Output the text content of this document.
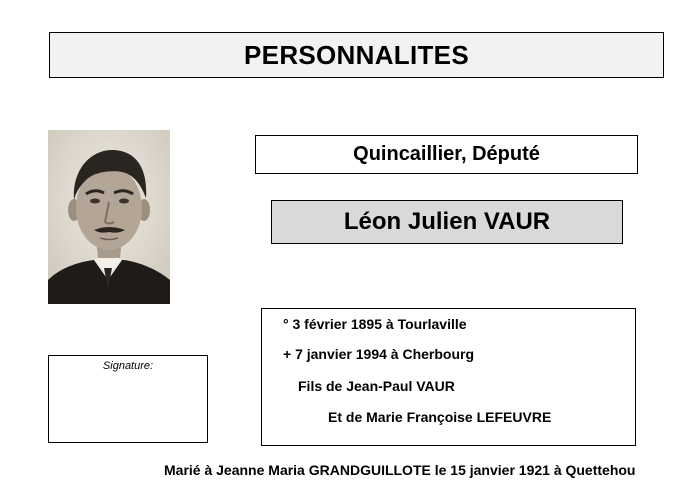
PERSONNALITES
Quincaillier, Député
Léon Julien VAUR
° 3 février 1895 à Tourlaville
+ 7 janvier 1994 à Cherbourg
Fils de Jean-Paul VAUR
Et de Marie Françoise LEFEUVRE
Signature:
Marié à Jeanne Maria GRANDGUILLOTE le 15 janvier 1921 à Quettehou
